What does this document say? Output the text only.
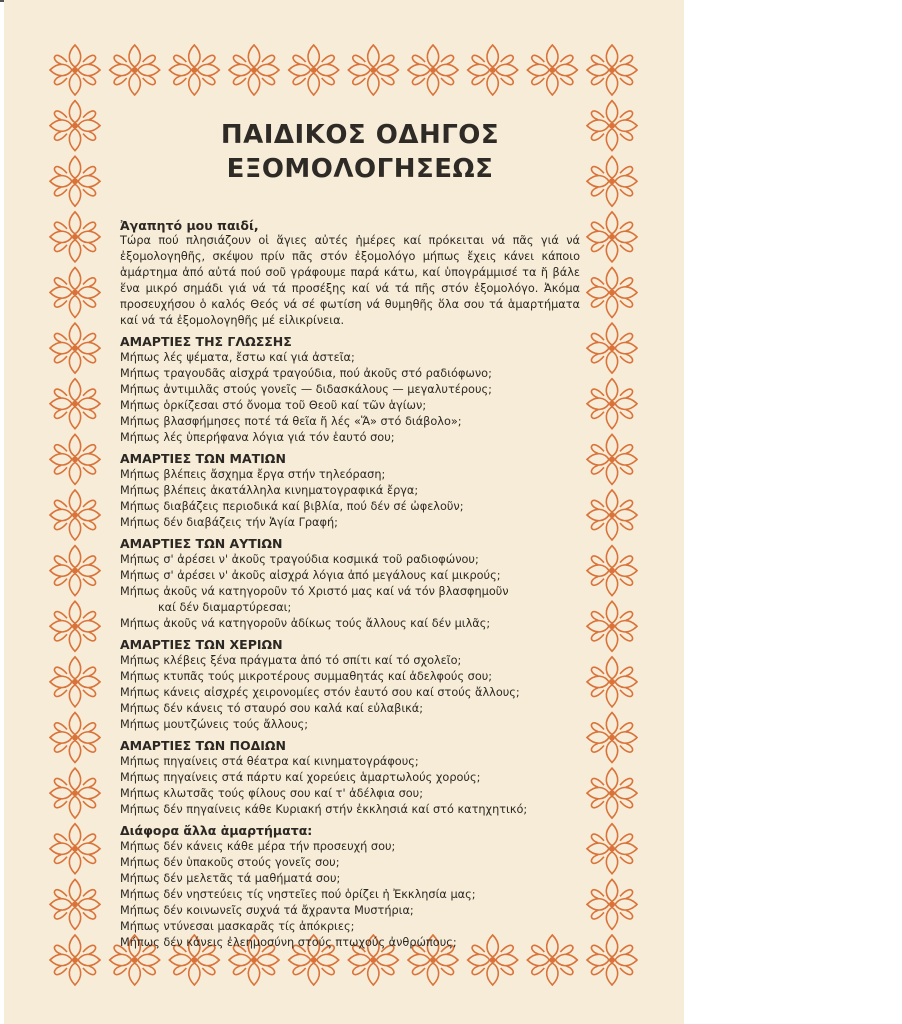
ΠΑΙΔΙΚΟΣ ΟΔΗΓΟΣ
ΕΞΟΜΟΛΟΓΗΣΕΩΣ
Ἀγαπητό μου παιδί,
Τώρα πού πλησιάζουν οἱ ἅγιες αὐτές ἡμέρες καί πρόκειται νά πᾶς γιά νά ἐξομολογηθῆς, σκέψου πρίν πᾶς στόν ἐξομολόγο μήπως ἔχεις κάνει κάποιο ἁμάρτημα ἀπό αὐτά πού σοῦ γράφουμε παρά κάτω, καί ὑπογράμμισέ τα ἤ βάλε ἕνα μικρό σημάδι γιά νά τά προσέξης καί νά τά πῆς στόν ἐξομολόγο. Ἀκόμα προσευχήσου ὁ καλός Θεός νά σέ φωτίση νά θυμηθῆς ὅλα σου τά ἁμαρτήματα καί νά τά ἐξομολογηθῆς μέ εἰλικρίνεια.
ΑΜΑΡΤΙΕΣ ΤΗΣ ΓΛΩΣΣΗΣ
Μήπως λές ψέματα, ἔστω καί γιά ἀστεῖα;
Μήπως τραγουδᾶς αἰσχρά τραγούδια, πού ἀκοῦς στό ραδιόφωνο;
Μήπως ἀντιμιλᾶς στούς γονεῖς — διδασκάλους — μεγαλυτέρους;
Μήπως ὁρκίζεσαι στό ὄνομα τοῦ Θεοῦ καί τῶν ἁγίων;
Μήπως βλασφήμησες ποτέ τά θεῖα ἤ λές «Ἅ» στό διάβολο»;
Μήπως λές ὑπερήφανα λόγια γιά τόν ἑαυτό σου;
ΑΜΑΡΤΙΕΣ ΤΩΝ ΜΑΤΙΩΝ
Μήπως βλέπεις ἄσχημα ἔργα στήν τηλεόραση;
Μήπως βλέπεις ἀκατάλληλα κινηματογραφικά ἔργα;
Μήπως διαβάζεις περιοδικά καί βιβλία, πού δέν σέ ὠφελοῦν;
Μήπως δέν διαβάζεις τήν Ἁγία Γραφή;
ΑΜΑΡΤΙΕΣ ΤΩΝ ΑΥΤΙΩΝ
Μήπως σ' ἀρέσει ν' ἀκοῦς τραγούδια κοσμικά τοῦ ραδιοφώνου;
Μήπως σ' ἀρέσει ν' ἀκοῦς αἰσχρά λόγια ἀπό μεγάλους καί μικρούς;
Μήπως ἀκοῦς νά κατηγοροῦν τό Χριστό μας καί νά τόν βλασφημοῦν
καί δέν διαμαρτύρεσαι;
Μήπως ἀκοῦς νά κατηγοροῦν ἀδίκως τούς ἄλλους καί δέν μιλᾶς;
ΑΜΑΡΤΙΕΣ ΤΩΝ ΧΕΡΙΩΝ
Μήπως κλέβεις ξένα πράγματα ἀπό τό σπίτι καί τό σχολεῖο;
Μήπως κτυπᾶς τούς μικροτέρους συμμαθητάς καί ἀδελφούς σου;
Μήπως κάνεις αἰσχρές χειρονομίες στόν ἑαυτό σου καί στούς ἄλλους;
Μήπως δέν κάνεις τό σταυρό σου καλά καί εὐλαβικά;
Μήπως μουτζώνεις τούς ἄλλους;
ΑΜΑΡΤΙΕΣ ΤΩΝ ΠΟΔΙΩΝ
Μήπως πηγαίνεις στά θέατρα καί κινηματογράφους;
Μήπως πηγαίνεις στά πάρτυ καί χορεύεις ἁμαρτωλούς χορούς;
Μήπως κλωτσᾶς τούς φίλους σου καί τ' ἀδέλφια σου;
Μήπως δέν πηγαίνεις κάθε Κυριακή στήν ἐκκλησιά καί στό κατηχητικό;
Διάφορα ἄλλα ἁμαρτήματα:
Μήπως δέν κάνεις κάθε μέρα τήν προσευχή σου;
Μήπως δέν ὑπακοῦς στούς γονεῖς σου;
Μήπως δέν μελετᾶς τά μαθήματά σου;
Μήπως δέν νηστεύεις τίς νηστεῖες πού ὁρίζει ἡ Ἐκκλησία μας;
Μήπως δέν κοινωνεῖς συχνά τά ἄχραντα Μυστήρια;
Μήπως ντύνεσαι μασκαρᾶς τίς ἀπόκριες;
Μήπως δέν κάνεις ἐλεημοσύνη στούς πτωχούς ἀνθρώπους;
